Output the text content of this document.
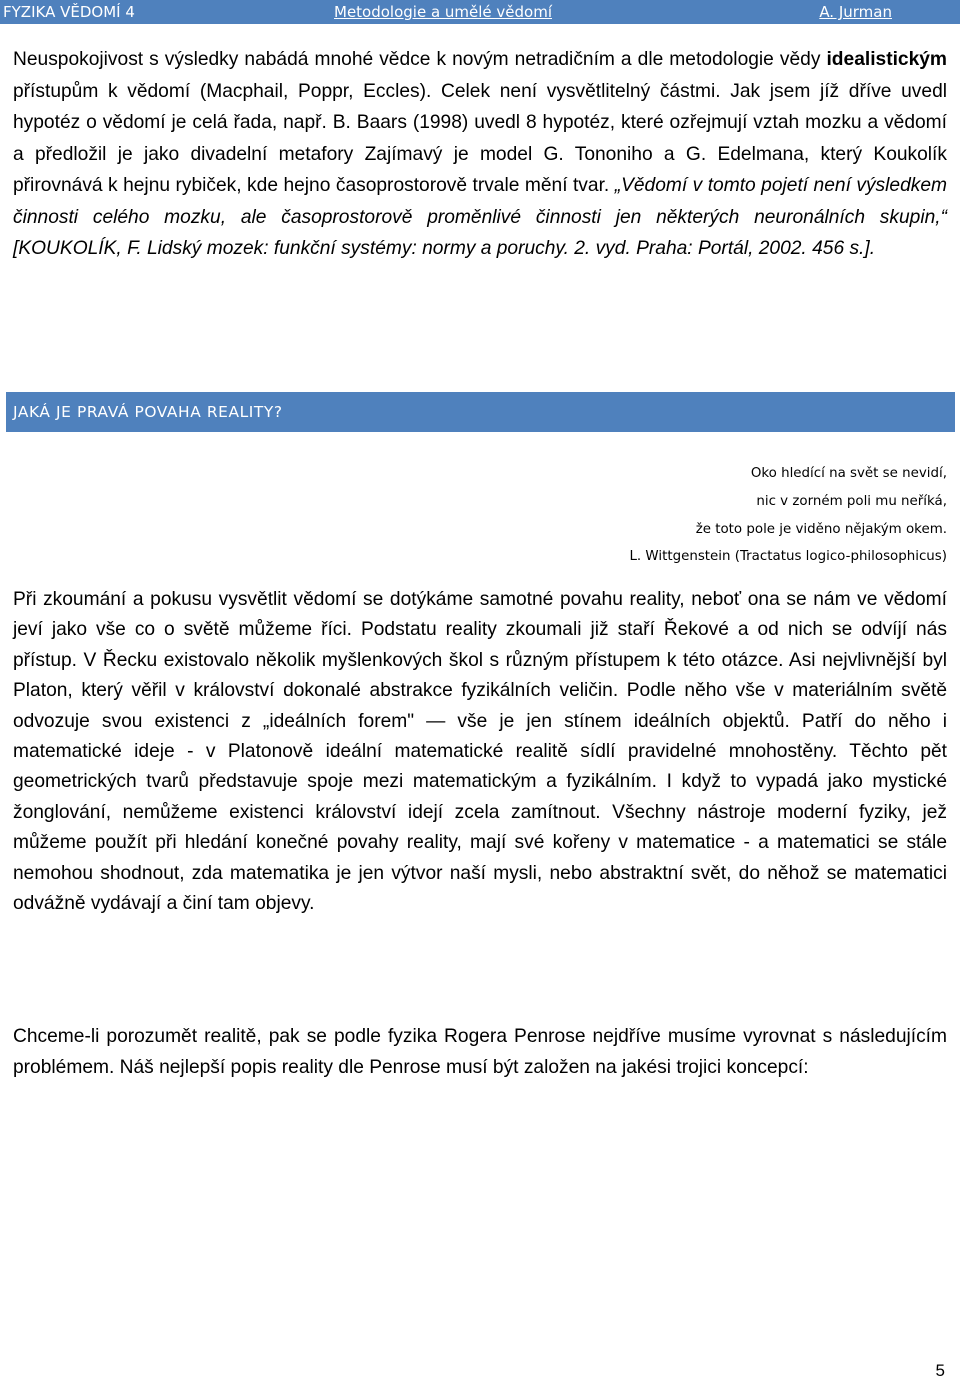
FYZIKA VĚDOMÍ 4	Metodologie a umělé vědomí	A. Jurman

Neuspokojivost s výsledky nabádá mnohé vědce k novým netradičním a dle metodologie vědy idealistickým přístupům k vědomí (Macphail, Poppr, Eccles). Celek není vysvětlitelný částmi. Jak jsem jíž dříve uvedl hypotéz o vědomí je celá řada, např. B. Baars (1998) uvedl 8 hypotéz, které ozřejmují vztah mozku a vědomí a předložil je jako divadelní metafory Zajímavý je model G. Tononiho a G. Edelmana, který Koukolík přirovnává k hejnu rybiček, kde hejno časoprostorově trvale mění tvar. „Vědomí v tomto pojetí není výsledkem činnosti celého mozku, ale časoprostorově proměnlivé činnosti jen některých neuronálních skupin,“ [KOUKOLÍK, F. Lidský mozek: funkční systémy: normy a poruchy. 2. vyd. Praha: Portál, 2002. 456 s.].

JAKÁ JE PRAVÁ POVAHA REALITY?
Oko hledící na svět se nevidí,
nic v zorném poli mu neříká,
že toto pole je viděno nějakým okem.
L. Wittgenstein (Tractatus logico-philosophicus)

Při zkoumání a pokusu vysvětlit vědomí se dotýkáme samotné povahu reality, neboť ona se nám ve vědomí jeví jako vše co o světě můžeme říci. Podstatu reality zkoumali již staří Řekové a od nich se odvíjí nás přístup. V Řecku existovalo několik myšlenkových škol s různým přístupem k této otázce. Asi nejvlivnější byl Platon, který věřil v království dokonalé abstrakce fyzikálních veličin. Podle něho vše v materiálním světě odvozuje svou existenci z „ideálních forem" — vše je jen stínem ideálních objektů. Patří do něho i matematické ideje - v Platonově ideální matematické realitě sídlí pravidelné mnohostěny. Těchto pět geometrických tvarů představuje spoje mezi matematickým a fyzikálním. I když to vypadá jako mystické žonglování, nemůžeme existenci království idejí zcela zamítnout. Všechny nástroje moderní fyziky, jež můžeme použít při hledání konečné povahy reality, mají své kořeny v matematice - a matematici se stále nemohou shodnout, zda matematika je jen výtvor naší mysli, nebo abstraktní svět, do něhož se matematici odvážně vydávají a činí tam objevy.

Chceme-li porozumět realitě, pak se podle fyzika Rogera Penrose nejdříve musíme vyrovnat s následujícím problémem. Náš nejlepší popis reality dle Penrose musí být založen na jakési trojici koncepcí:

5
